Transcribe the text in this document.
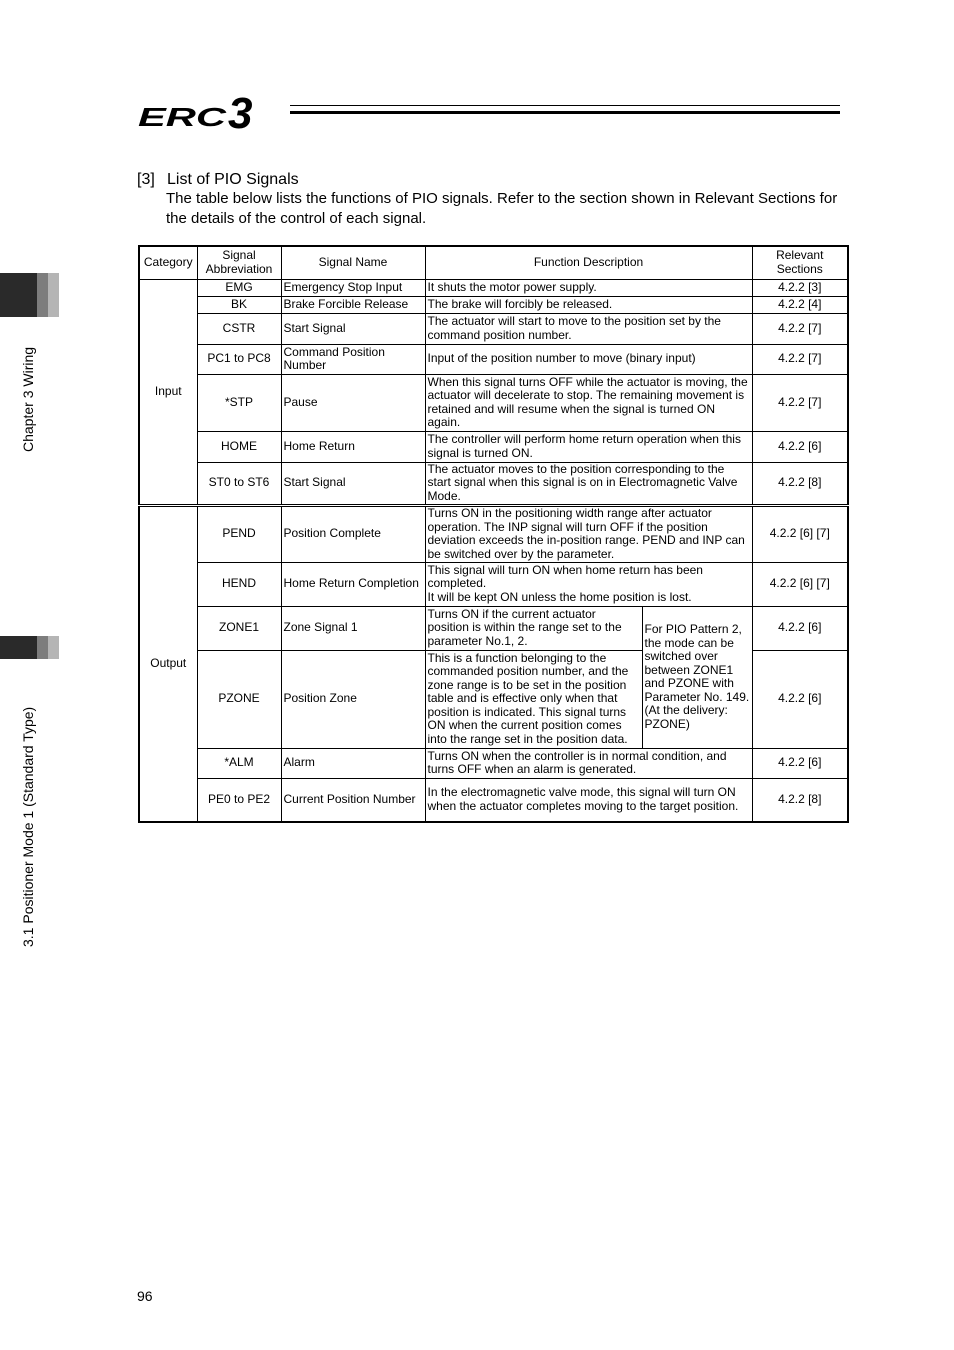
ERC 3
Chapter 3 Wiring
3.1 Positioner Mode 1 (Standard Type)
[3] List of PIO Signals
The table below lists the functions of PIO signals. Refer to the section shown in Relevant Sections for the details of the control of each signal.
Category	Signal Abbreviation	Signal Name	Function Description		Relevant Sections
Input	EMG	Emergency Stop Input	It shuts the motor power supply.		4.2.2 [3]
	BK	Brake Forcible Release	The brake will forcibly be released.		4.2.2 [4]
	CSTR	Start Signal	The actuator will start to move to the position set by the command position number.		4.2.2 [7]
	PC1 to PC8	Command Position Number	Input of the position number to move (binary input)		4.2.2 [7]
	*STP	Pause	When this signal turns OFF while the actuator is moving, the actuator will decelerate to stop. The remaining movement is retained and will resume when the signal is turned ON again.		4.2.2 [7]
	HOME	Home Return	The controller will perform home return operation when this signal is turned ON.		4.2.2 [6]
	ST0 to ST6	Start Signal	The actuator moves to the position corresponding to the start signal when this signal is on in Electromagnetic Valve Mode.		4.2.2 [8]
Output	PEND	Position Complete	Turns ON in the positioning width range after actuator operation. The INP signal will turn OFF if the position deviation exceeds the in-position range. PEND and INP can be switched over by the parameter.		4.2.2 [6] [7]
	HEND	Home Return Completion	This signal will turn ON when home return has been completed.
It will be kept ON unless the home position is lost.		4.2.2 [6] [7]
	ZONE1	Zone Signal 1	Turns ON if the current actuator position is within the range set to the parameter No.1, 2.	For PIO Pattern 2, the mode can be switched over between ZONE1 and PZONE with Parameter No. 149.
(At the delivery: PZONE)	4.2.2 [6]
	PZONE	Position Zone	This is a function belonging to the commanded position number, and the zone range is to be set in the position table and is effective only when that position is indicated. This signal turns ON when the current position comes into the range set in the position data.		4.2.2 [6]
	*ALM	Alarm	Turns ON when the controller is in normal condition, and turns OFF when an alarm is generated.		4.2.2 [6]
	PE0 to PE2	Current Position Number	In the electromagnetic valve mode, this signal will turn ON when the actuator completes moving to the target position.		4.2.2 [8]
96
